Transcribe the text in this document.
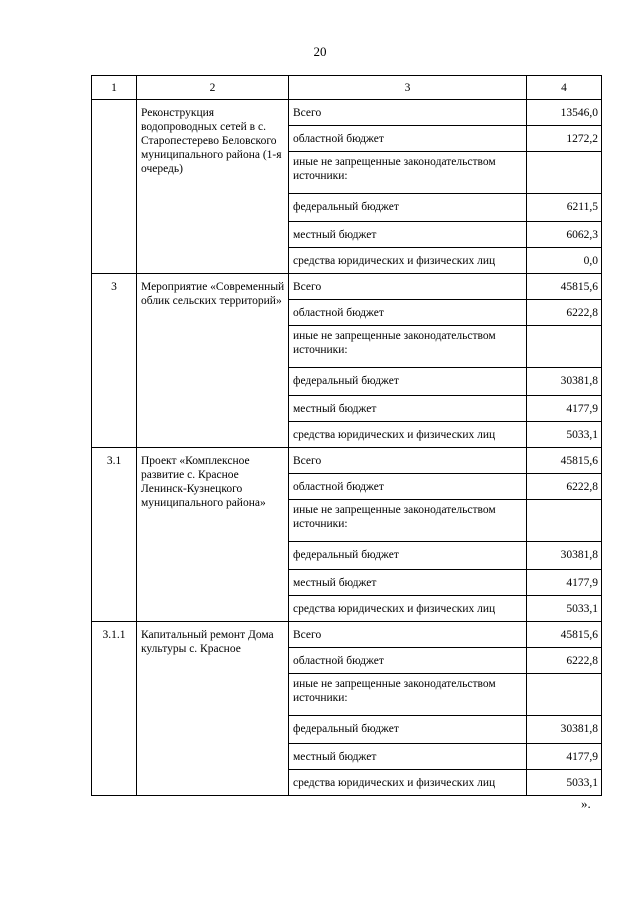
20
1	2	3	4
	Реконструкция водопроводных сетей в с. Старопестерево Беловского муниципального района (1-я очередь)	Всего	13546,0
		областной бюджет	1272,2
		иные не запрещенные законодательством источники:	
		федеральный бюджет	6211,5
		местный бюджет	6062,3
		средства юридических и физических лиц	0,0
3	Мероприятие «Современный облик сельских территорий»	Всего	45815,6
		областной бюджет	6222,8
		иные не запрещенные законодательством источники:	
		федеральный бюджет	30381,8
		местный бюджет	4177,9
		средства юридических и физических лиц	5033,1
3.1	Проект «Комплексное развитие с. Красное Ленинск-Кузнецкого муниципального района»	Всего	45815,6
		областной бюджет	6222,8
		иные не запрещенные законодательством источники:	
		федеральный бюджет	30381,8
		местный бюджет	4177,9
		средства юридических и физических лиц	5033,1
3.1.1	Капитальный ремонт Дома культуры с. Красное	Всего	45815,6
		областной бюджет	6222,8
		иные не запрещенные законодательством источники:	
		федеральный бюджет	30381,8
		местный бюджет	4177,9
		средства юридических и физических лиц	5033,1
».
